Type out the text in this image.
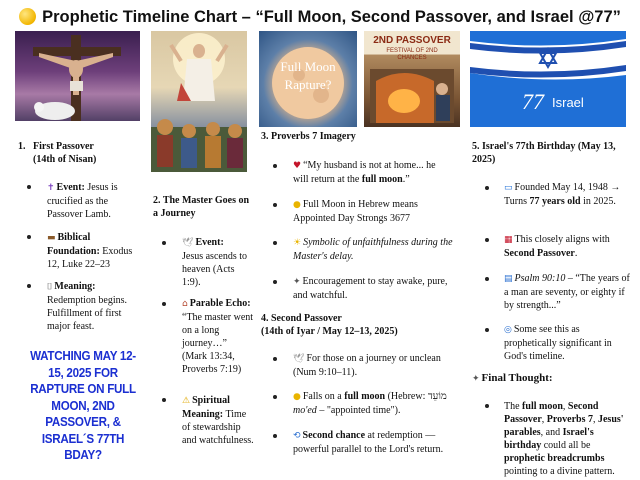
Prophetic Timeline Chart – “Full Moon, Second Passover, and Israel @77”
Full Moon
Rapture?
2ND PASSOVER
FESTIVAL OF 2ND
CHANCES
77 Israel
1. First Passover
(14th of Nisan)
✝ Event: Jesus is crucified as the Passover Lamb.
▬ Biblical Foundation: Exodus 12, Luke 22–23
⌷ Meaning:
Redemption begins. Fulfillment of first major feast.
WATCHING MAY 12-15, 2025 FOR RAPTURE ON FULL MOON, 2ND PASSOVER, & ISRAEL´S 77TH BDAY?
2. The Master Goes on a Journey
🕊 Event:
Jesus ascends to heaven (Acts 1:9).
⌂ Parable Echo: “The master went on a long journey…” (Mark 13:34, Proverbs 7:19)
⚠ Spiritual Meaning: Time of stewardship and watchfulness.
3. Proverbs 7 Imagery
♥ “My husband is not at home... he will return at the full moon.”
● Full Moon in Hebrew means Appointed Day Strongs 3677
☀ Symbolic of unfaithfulness during the Master's delay.
✦ Encouragement to stay awake, pure, and watchful.
4. Second Passover
(14th of Iyar / May 12–13, 2025)
🕊 For those on a journey or unclean (Num 9:10–11).
● Falls on a full moon (Hebrew: מוֹעֵד mo'ed – "appointed time").
⟲ Second chance at redemption — powerful parallel to the Lord's return.
5. Israel's 77th Birthday (May 13, 2025)
▭ Founded May 14, 1948 → Turns 77 years old in 2025.
▦ This closely aligns with Second Passover.
▤ Psalm 90:10 – “The years of a man are seventy, or eighty if by strength...”
◎ Some see this as prophetically significant in God's timeline.
✦ Final Thought:
The full moon, Second Passover, Proverbs 7, Jesus' parables, and Israel's birthday could all be prophetic breadcrumbs pointing to a divine pattern.
